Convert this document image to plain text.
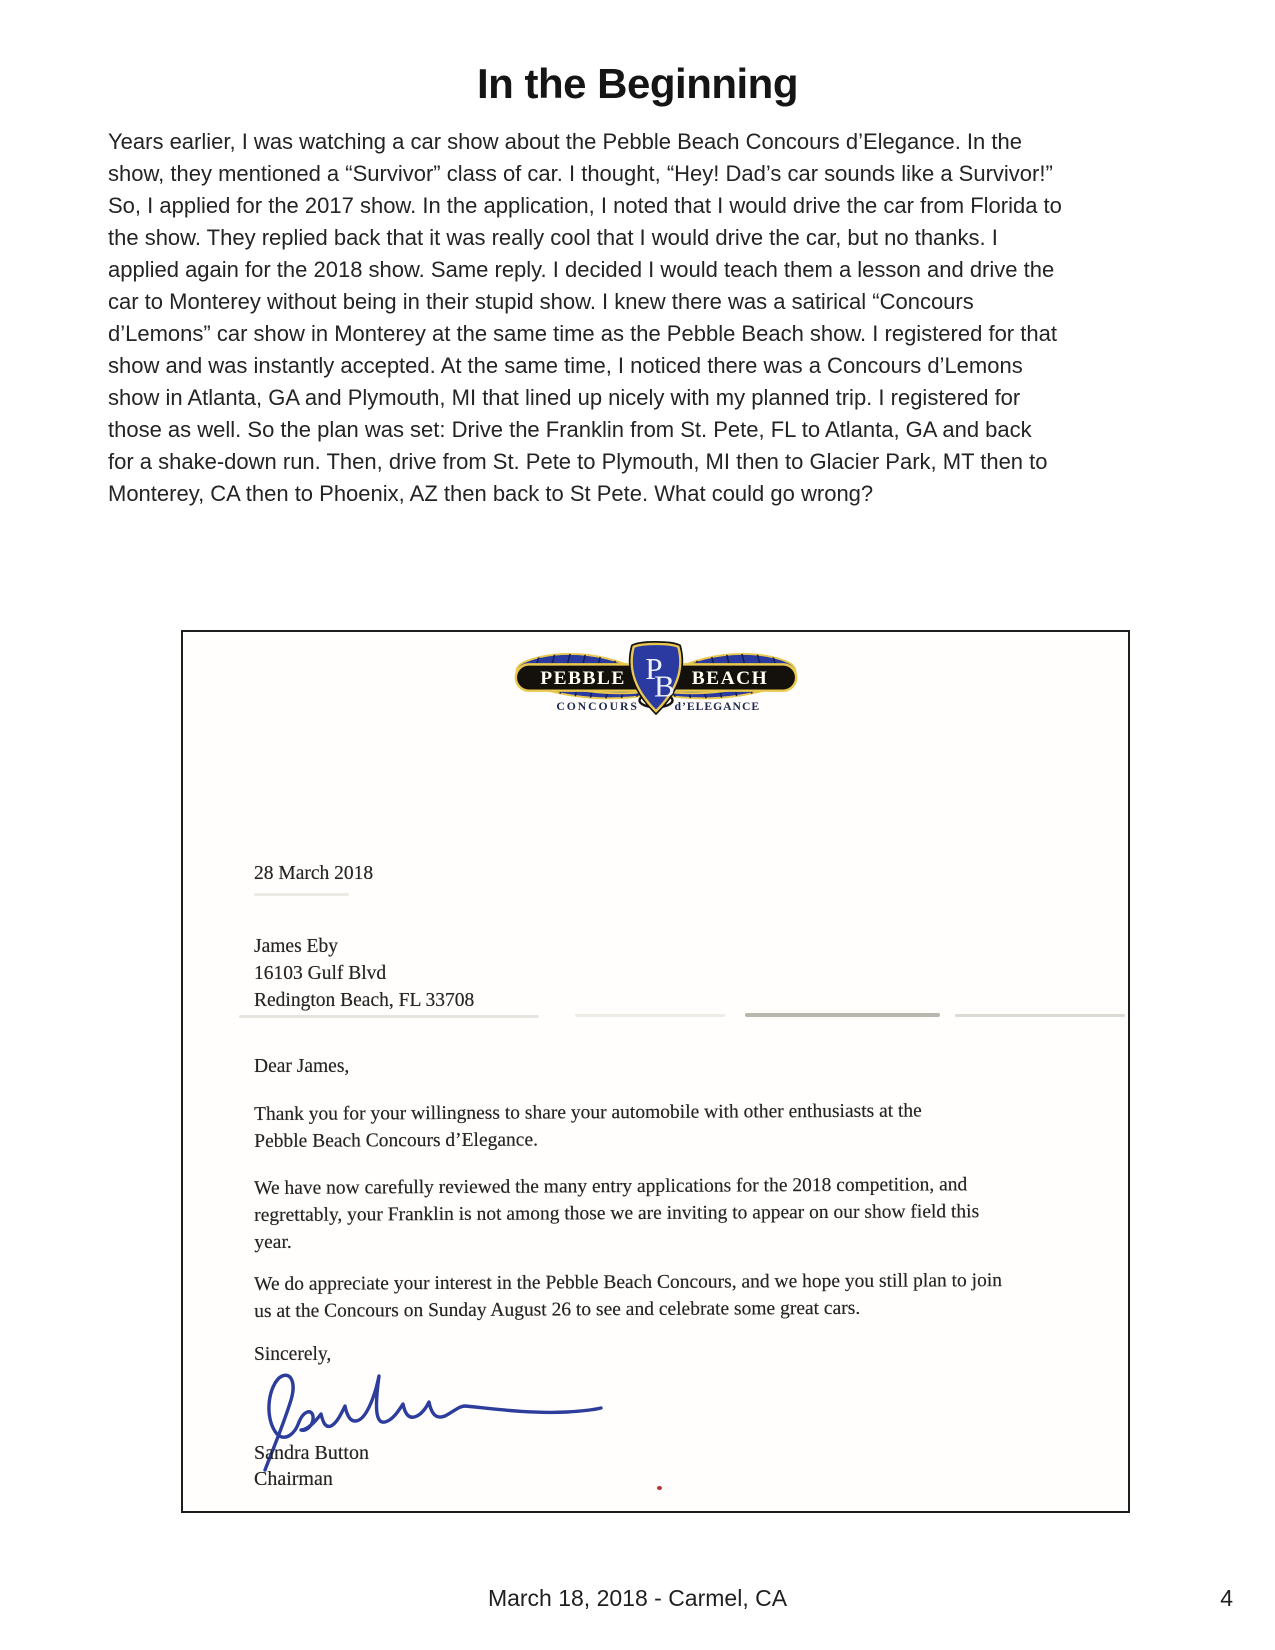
In the Beginning
Years earlier, I was watching a car show about the Pebble Beach Concours d’Elegance. In the
show, they mentioned a “Survivor” class of car. I thought, “Hey! Dad’s car sounds like a Survivor!”
So, I applied for the 2017 show. In the application, I noted that I would drive the car from Florida to
the show. They replied back that it was really cool that I would drive the car, but no thanks. I
applied again for the 2018 show. Same reply. I decided I would teach them a lesson and drive the
car to Monterey without being in their stupid show. I knew there was a satirical “Concours
d’Lemons” car show in Monterey at the same time as the Pebble Beach show. I registered for that
show and was instantly accepted. At the same time, I noticed there was a Concours d’Lemons
show in Atlanta, GA and Plymouth, MI that lined up nicely with my planned trip. I registered for
those as well. So the plan was set: Drive the Franklin from St. Pete, FL to Atlanta, GA and back
for a shake-down run. Then, drive from St. Pete to Plymouth, MI then to Glacier Park, MT then to
Monterey, CA then to Phoenix, AZ then back to St Pete. What could go wrong?
PEBBLE	BEACH
P
B
CONCOURS	d’ELEGANCE
28 March 2018
James Eby
16103 Gulf Blvd
Redington Beach, FL 33708
Dear James,
Thank you for your willingness to share your automobile with other enthusiasts at the
Pebble Beach Concours d’Elegance.
We have now carefully reviewed the many entry applications for the 2018 competition, and
regrettably, your Franklin is not among those we are inviting to appear on our show field this
year.
We do appreciate your interest in the Pebble Beach Concours, and we hope you still plan to join
us at the Concours on Sunday August 26 to see and celebrate some great cars.
Sincerely,
Sandra Button
Chairman
March 18, 2018 - Carmel, CA	4
